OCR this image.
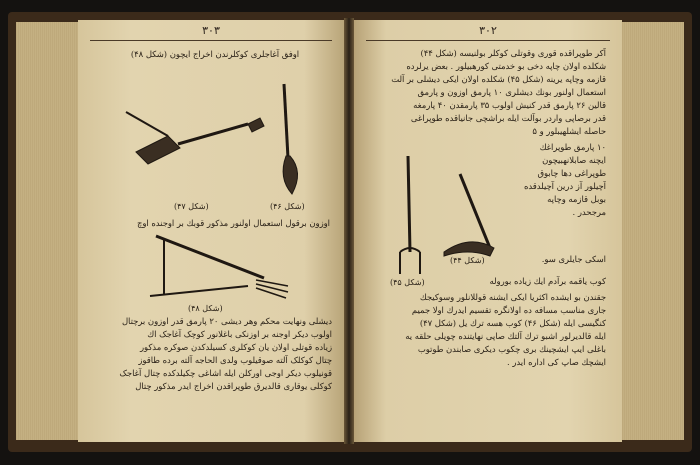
۳۰۳
اوفق آغاجلری کوکلرندن اخراج ایچون (شکل ۴۸)
(شکل ۴۷)	(شکل ۴۶)
اوزون برقول استعمال اولنور مذکور قوبك بر اوجنده اوچ
(شکل ۴۸)
دیشلی ونهایت محکم وهر دیشی ۲۰ پارمق قدر اوزون برچتال
اولوب دیکر اوجنه بر اوزنکی باغلانور کوچک آغاجک اك
زیاده قوتلی اولان یان کوکلری کسیلدکدن صوکره مذکور
چتال کوکلک آلته صوقیلوب ولدی الحاجه آلته برده طاقوز
قونیلوب دیکر اوجی اورکلن ایله اشاغی چکیلدکده چتال آغاجک
کوکلی یوقاری قالدیرق طوپراقدن اخراج ایدر مذکور چتال
۳۰۲
آکر طوپراقده قوری وقوتلی کوکلر بولنیسه (شکل ۴۴)
شکلده اولان چاپه دخی بو خدمتی کورهبیلور . بعض یرلرده
قازمه وچاپه یرینه (شکل ۴۵) شکلده اولان ایکی دیشلی بر آلت
استعمال اولنور بونك دیشلری ۱۰ پارمق اوزون و پارمق
قالین ۲۶ پارمق قدر کنیش اولوب ۳۵ پارمقدن ۴۰ پارمغه
قدر برصاپی واردر بوآلت ایله براشچی جانیاقده طوپراغی
حاصله ایشلهیبلور و ۵
۱۰ پارمق طوپراغك
ایچنه صابلانهبیچون
طوپراغی دها چابوق
آچیلور آز درین آچیلدقده
بوبل قازمه وچاپه
مرجحدر .
(شکل ۴۴)	اسکی جایلری سو.
(شکل ۴۵)	کوب یاقمه برآدم ایك زیاده بوروله
جقندن بو ایشده اکثریا ایکی ایشنه قوللانلور وسوکیجك
جاری مناسب مسافه ده اولانگره تقسیم ایدرك اولا جمیم
کنگیسی ایله (شکل ۴۶) کوب هسه ترك یل (شکل ۴۷)
ایله قالدیرلور اشبو ترك آلتك صاپی نهایتنده چویلی حلقه یه
باغلی ایپ ایشچینك بری چکوب دیکری صابندن طوتوب
ایشچك صاپ کی اداره ایدر .
